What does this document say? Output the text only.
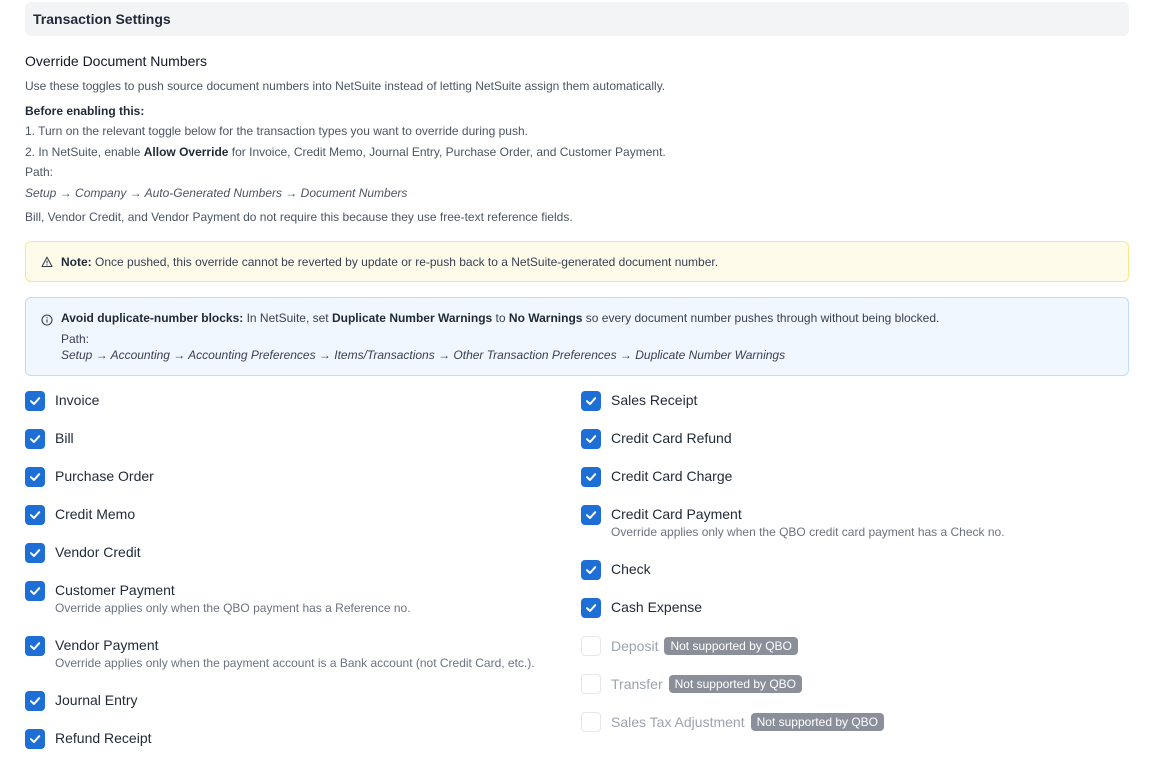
Transaction Settings
Override Document Numbers
Use these toggles to push source document numbers into NetSuite instead of letting NetSuite assign them automatically.
Before enabling this:
1. Turn on the relevant toggle below for the transaction types you want to override during push.
2. In NetSuite, enable Allow Override for Invoice, Credit Memo, Journal Entry, Purchase Order, and Customer Payment.
Path:
Setup → Company → Auto-Generated Numbers → Document Numbers
Bill, Vendor Credit, and Vendor Payment do not require this because they use free-text reference fields.
Note: Once pushed, this override cannot be reverted by update or re-push back to a NetSuite-generated document number.
Avoid duplicate-number blocks: In NetSuite, set Duplicate Number Warnings to No Warnings so every document number pushes through without being blocked.
Path:
Setup → Accounting → Accounting Preferences → Items/Transactions → Other Transaction Preferences → Duplicate Number Warnings
Invoice
Bill
Purchase Order
Credit Memo
Vendor Credit
Customer Payment
Override applies only when the QBO payment has a Reference no.
Vendor Payment
Override applies only when the payment account is a Bank account (not Credit Card, etc.).
Journal Entry
Refund Receipt
Sales Receipt
Credit Card Refund
Credit Card Charge
Credit Card Payment
Override applies only when the QBO credit card payment has a Check no.
Check
Cash Expense
Deposit Not supported by QBO
Transfer Not supported by QBO
Sales Tax Adjustment Not supported by QBO
